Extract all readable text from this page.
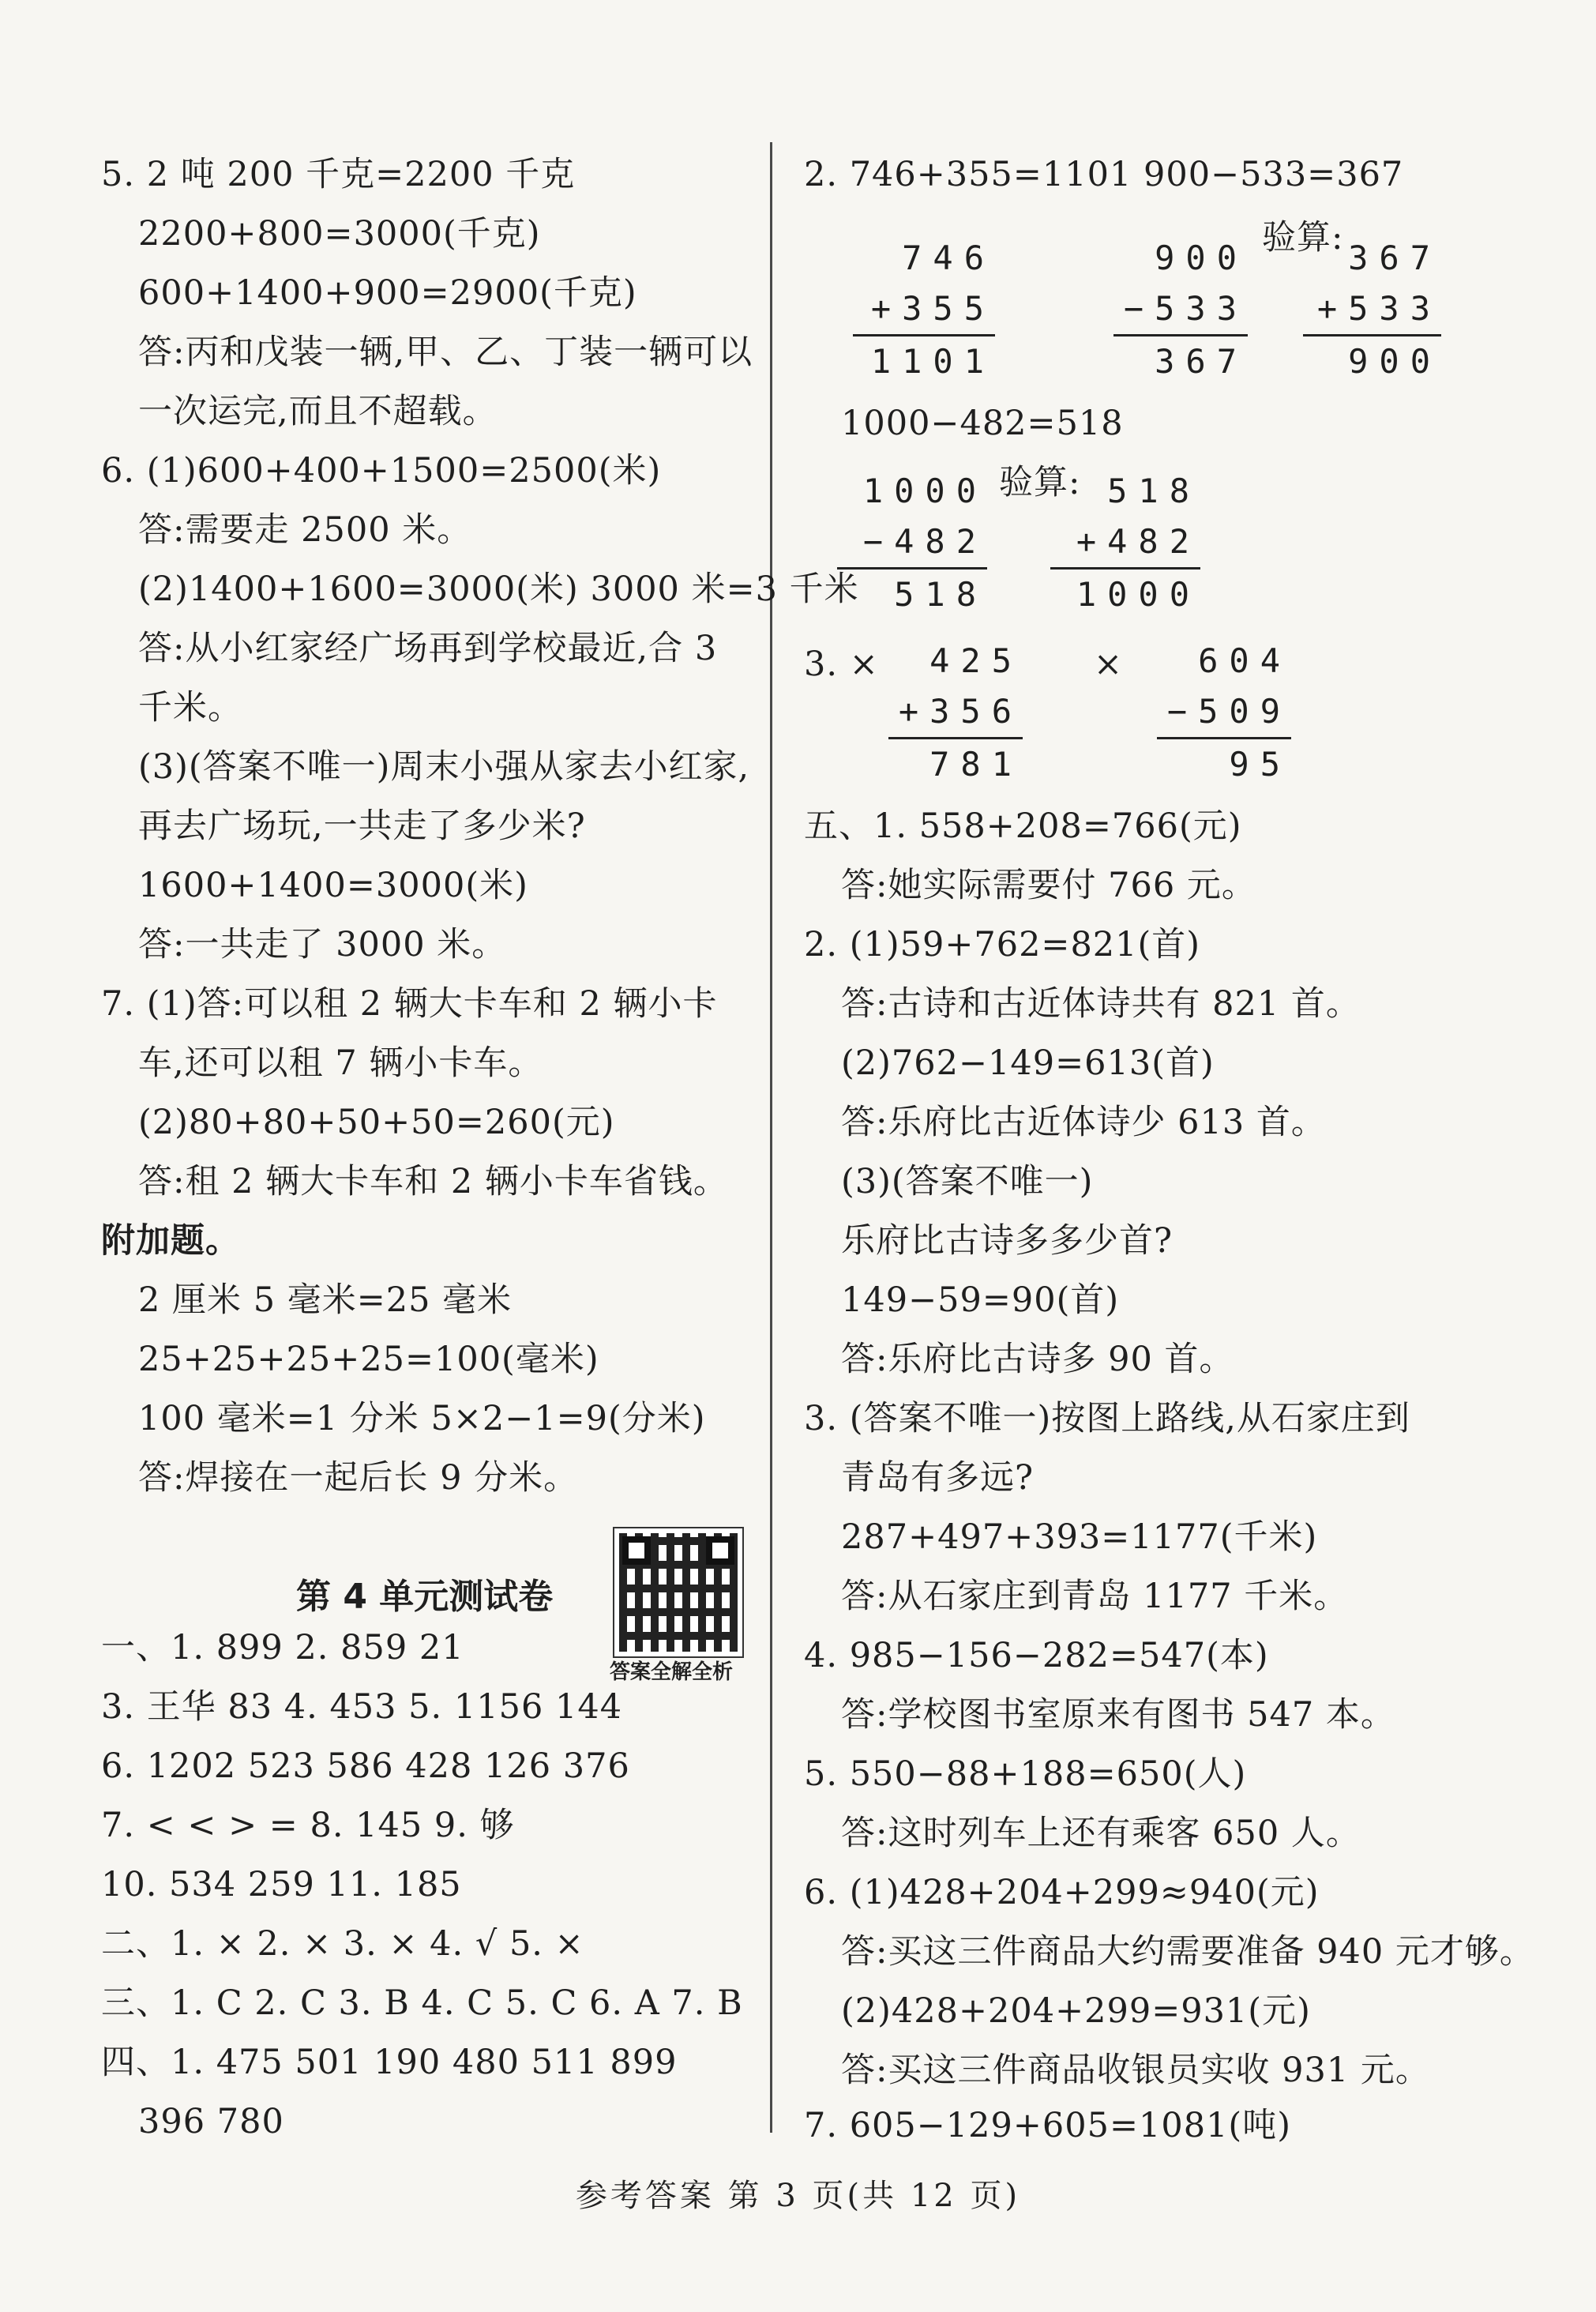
5. 2 吨 200 千克=2200 千克
2200+800=3000(千克)
600+1400+900=2900(千克)
答:丙和戊装一辆,甲、乙、丁装一辆可以
一次运完,而且不超载。
6. (1)600+400+1500=2500(米)
答:需要走 2500 米。
(2)1400+1600=3000(米) 3000 米=3 千米
答:从小红家经广场再到学校最近,合 3
千米。
(3)(答案不唯一)周末小强从家去小红家,
再去广场玩,一共走了多少米?
1600+1400=3000(米)
答:一共走了 3000 米。
7. (1)答:可以租 2 辆大卡车和 2 辆小卡
车,还可以租 7 辆小卡车。
(2)80+80+50+50=260(元)
答:租 2 辆大卡车和 2 辆小卡车省钱。
附加题。
2 厘米 5 毫米=25 毫米
25+25+25+25=100(毫米)
100 毫米=1 分米 5×2−1=9(分米)
答:焊接在一起后长 9 分米。
第 4 单元测试卷
答案全解全析
一、1. 899 2. 859 21
3. 王华 83 4. 453 5. 1156 144
6. 1202 523 586 428 126 376
7. < < > = 8. 145 9. 够
10. 534 259 11. 185
二、1. × 2. × 3. × 4. √ 5. ×
三、1. C 2. C 3. B 4. C 5. C 6. A 7. B
四、1. 475 501 190 480 511 899
396 780
2. 746+355=1101 900−533=367
746
+355
1101
900
−533
367
验算:
367
+533
900
1000−482=518
1000
−482
518
验算: 518
+482
1000
3. ×	425
+356
781
×	604
−509
95
五、1. 558+208=766(元)
答:她实际需要付 766 元。
2. (1)59+762=821(首)
答:古诗和古近体诗共有 821 首。
(2)762−149=613(首)
答:乐府比古近体诗少 613 首。
(3)(答案不唯一)
乐府比古诗多多少首?
149−59=90(首)
答:乐府比古诗多 90 首。
3. (答案不唯一)按图上路线,从石家庄到
青岛有多远?
287+497+393=1177(千米)
答:从石家庄到青岛 1177 千米。
4. 985−156−282=547(本)
答:学校图书室原来有图书 547 本。
5. 550−88+188=650(人)
答:这时列车上还有乘客 650 人。
6. (1)428+204+299≈940(元)
答:买这三件商品大约需要准备 940 元才够。
(2)428+204+299=931(元)
答:买这三件商品收银员实收 931 元。
7. 605−129+605=1081(吨)
参考答案 第 3 页(共 12 页)
